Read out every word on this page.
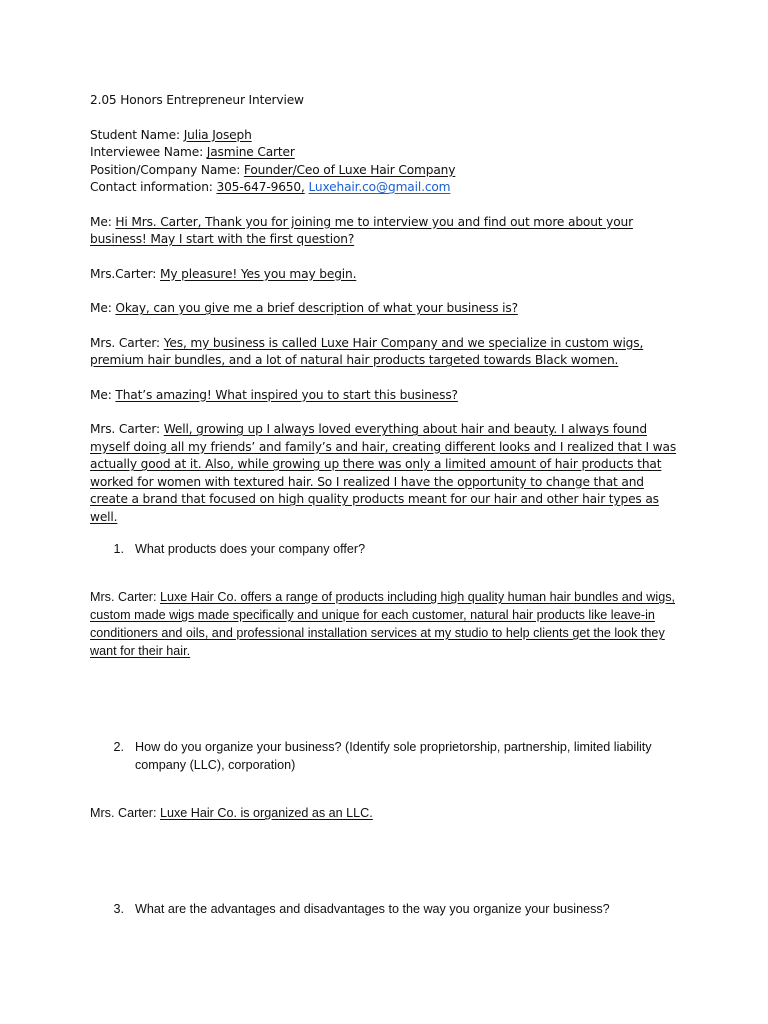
2.05 Honors Entrepreneur Interview
Student Name: Julia Joseph
Interviewee Name: Jasmine Carter
Position/Company Name: Founder/Ceo of Luxe Hair Company
Contact information: 305-647-9650, Luxehair.co@gmail.com
Me: Hi Mrs. Carter, Thank you for joining me to interview you and find out more about your business! May I start with the first question?
Mrs.Carter: My pleasure! Yes you may begin.
Me: Okay, can you give me a brief description of what your business is?
Mrs. Carter: Yes, my business is called Luxe Hair Company and we specialize in custom wigs, premium hair bundles, and a lot of natural hair products targeted towards Black women.
Me: That’s amazing! What inspired you to start this business?
Mrs. Carter: Well, growing up I always loved everything about hair and beauty. I always found myself doing all my friends’ and family’s and hair, creating different looks and I realized that I was actually good at it. Also, while growing up there was only a limited amount of hair products that worked for women with textured hair. So I realized I have the opportunity to change that and create a brand that focused on high quality products meant for our hair and other hair types as well.
1. What products does your company offer?
Mrs. Carter: Luxe Hair Co. offers a range of products including high quality human hair bundles and wigs, custom made wigs made specifically and unique for each customer, natural hair products like leave-in conditioners and oils, and professional installation services at my studio to help clients get the look they want for their hair.
2. How do you organize your business? (Identify sole proprietorship, partnership, limited liability company (LLC), corporation)
Mrs. Carter: Luxe Hair Co. is organized as an LLC.
3. What are the advantages and disadvantages to the way you organize your business?
